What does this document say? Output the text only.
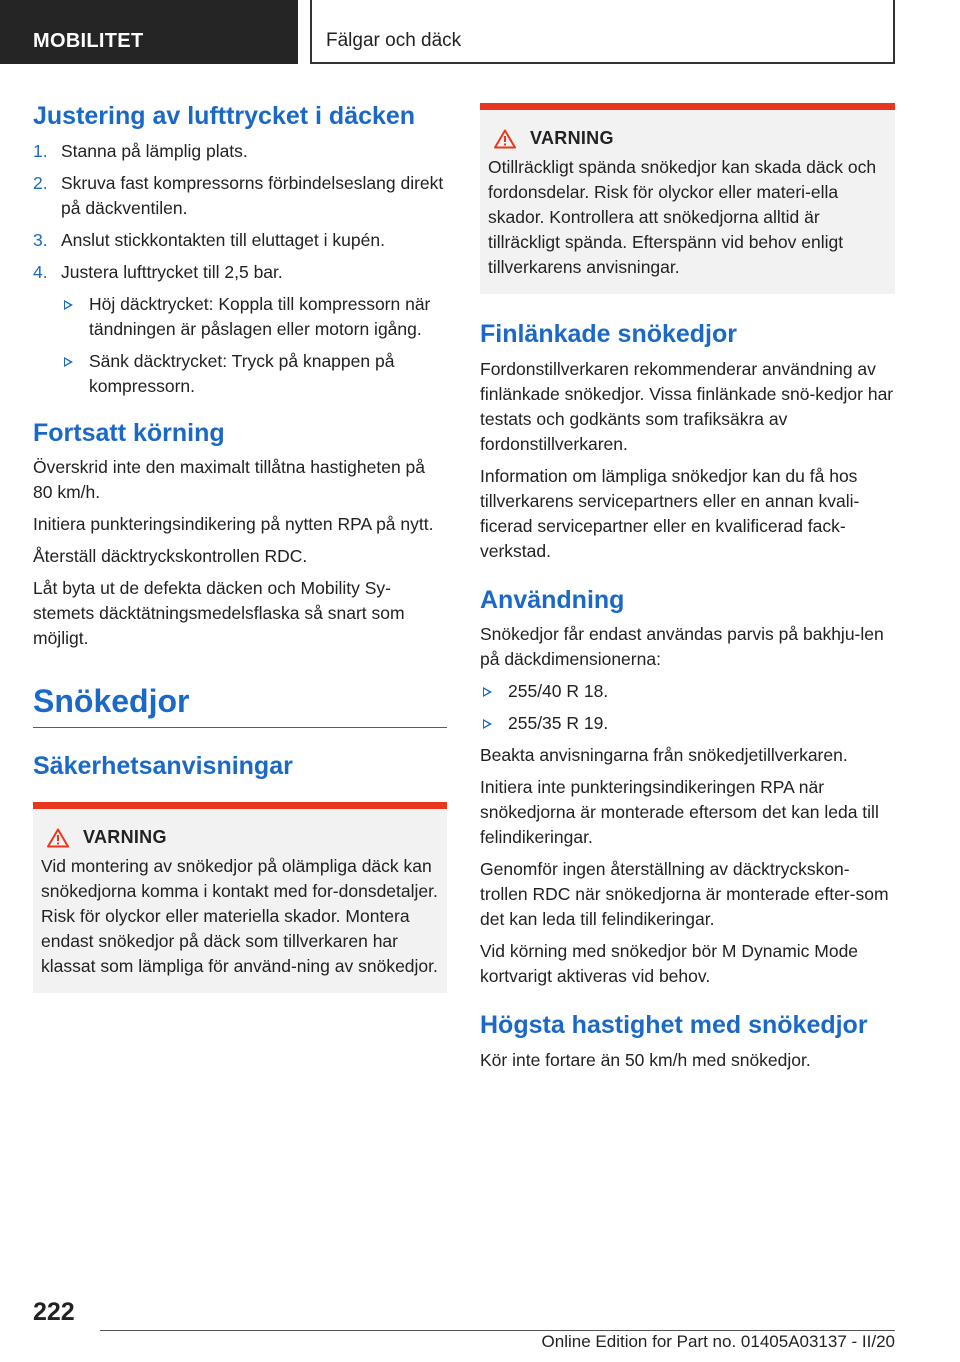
MOBILITET	Fälgar och däck
Justering av lufttrycket i däcken
1. Stanna på lämplig plats.
2. Skruva fast kompressorns förbindelseslang direkt på däckventilen.
3. Anslut stickkontakten till eluttaget i kupén.
4. Justera lufttrycket till 2,5 bar.
Höj däcktrycket: Koppla till kompressorn när tändningen är påslagen eller motorn igång.
Sänk däcktrycket: Tryck på knappen på kompressorn.
Fortsatt körning

Överskrid inte den maximalt tillåtna hastigheten på 80 km/h.

Initiera punkteringsindikering på nytten RPA på nytt.

Återställ däcktryckskontrollen RDC.

Låt byta ut de defekta däcken och Mobility Sy-stemets däcktätningsmedelsflaska så snart som möjligt.

Snökedjor
Säkerhetsanvisningar
VARNING

Vid montering av snökedjor på olämpliga däck kan snökedjorna komma i kontakt med for-donsdetaljer. Risk för olyckor eller materiella skador. Montera endast snökedjor på däck som tillverkaren har klassat som lämpliga för använd-ning av snökedjor.

VARNING

Otillräckligt spända snökedjor kan skada däck och fordonsdelar. Risk för olyckor eller materi-ella skador. Kontrollera att snökedjorna alltid är tillräckligt spända. Efterspänn vid behov enligt tillverkarens anvisningar.

Finlänkade snökedjor

Fordonstillverkaren rekommenderar användning av finlänkade snökedjor. Vissa finlänkade snö-kedjor har testats och godkänts som trafiksäkra av fordonstillverkaren.

Information om lämpliga snökedjor kan du få hos tillverkarens servicepartners eller en annan kvali-ficerad servicepartner eller en kvalificerad fack-verkstad.

Användning

Snökedjor får endast användas parvis på bakhju-len på däckdimensionerna:

255/40 R 18.
255/35 R 19.

Beakta anvisningarna från snökedjetillverkaren.

Initiera inte punkteringsindikeringen RPA när snökedjorna är monterade eftersom det kan leda till felindikeringar.

Genomför ingen återställning av däcktryckskon-trollen RDC när snökedjorna är monterade efter-som det kan leda till felindikeringar.

Vid körning med snökedjor bör M Dynamic Mode kortvarigt aktiveras vid behov.

Högsta hastighet med snökedjor

Kör inte fortare än 50 km/h med snökedjor.

222
Online Edition for Part no. 01405A03137 - II/20
